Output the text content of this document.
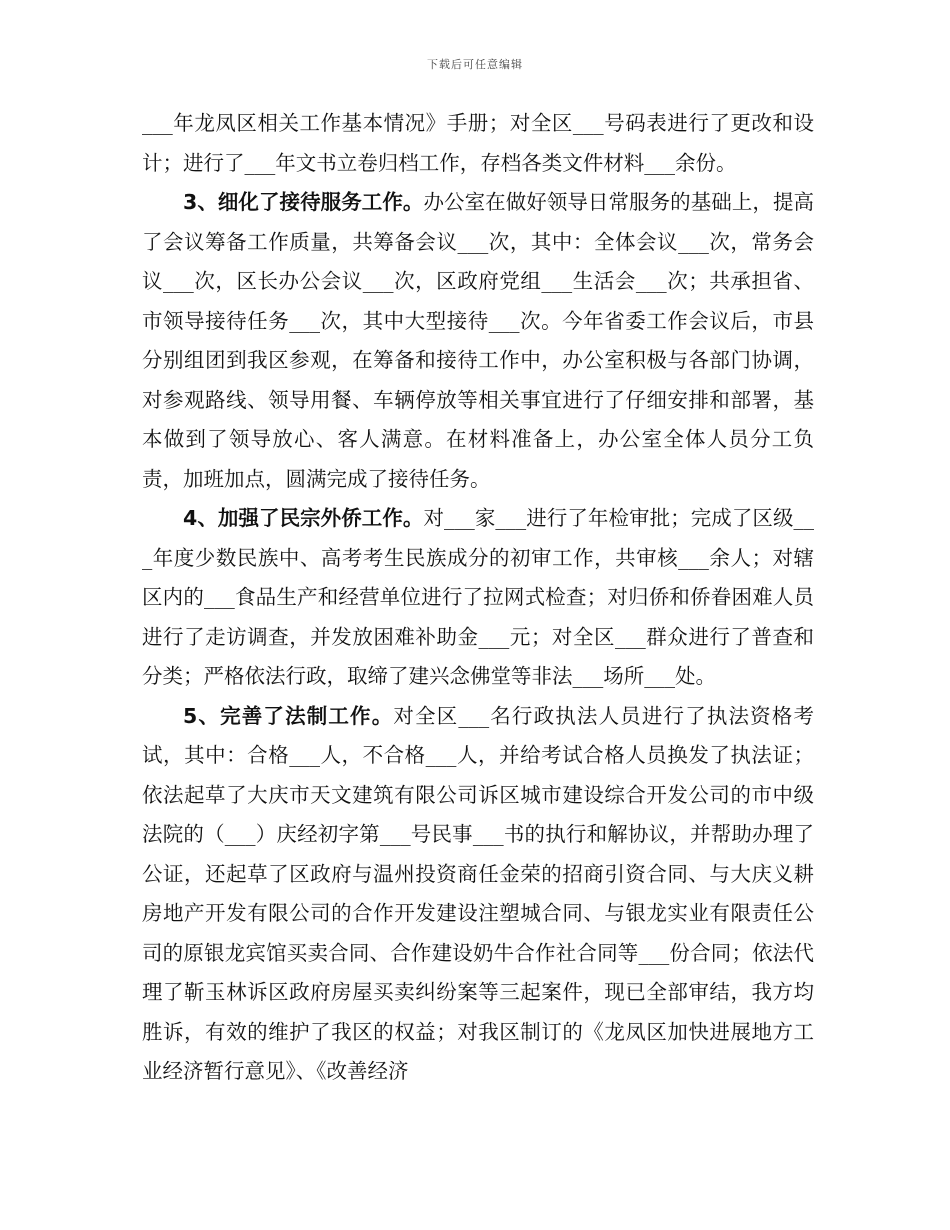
下载后可任意编辑

___年龙凤区相关工作基本情况》手册；对全区___号码表进行了更改和设计；进行了___年文书立卷归档工作，存档各类文件材料___余份。

3、细化了接待服务工作。办公室在做好领导日常服务的基础上，提高了会议筹备工作质量，共筹备会议___次，其中：全体会议___次，常务会议___次，区长办公会议___次，区政府党组___生活会___次；共承担省、市领导接待任务___次，其中大型接待___次。今年省委工作会议后，市县分别组团到我区参观，在筹备和接待工作中，办公室积极与各部门协调，对参观路线、领导用餐、车辆停放等相关事宜进行了仔细安排和部署，基本做到了领导放心、客人满意。在材料准备上，办公室全体人员分工负责，加班加点，圆满完成了接待任务。

4、加强了民宗外侨工作。对___家___进行了年检审批；完成了区级___年度少数民族中、高考考生民族成分的初审工作，共审核___余人；对辖区内的___食品生产和经营单位进行了拉网式检查；对归侨和侨眷困难人员进行了走访调查，并发放困难补助金___元；对全区___群众进行了普查和分类；严格依法行政，取缔了建兴念佛堂等非法___场所___处。

5、完善了法制工作。对全区___名行政执法人员进行了执法资格考试，其中：合格___人，不合格___人，并给考试合格人员换发了执法证；依法起草了大庆市天文建筑有限公司诉区城市建设综合开发公司的市中级法院的（___）庆经初字第___号民事___书的执行和解协议，并帮助办理了公证，还起草了区政府与温州投资商任金荣的招商引资合同、与大庆义耕房地产开发有限公司的合作开发建设注塑城合同、与银龙实业有限责任公司的原银龙宾馆买卖合同、合作建设奶牛合作社合同等___份合同；依法代理了靳玉林诉区政府房屋买卖纠纷案等三起案件，现已全部审结，我方均胜诉，有效的维护了我区的权益；对我区制订的《龙凤区加快进展地方工业经济暂行意见》、《改善经济
